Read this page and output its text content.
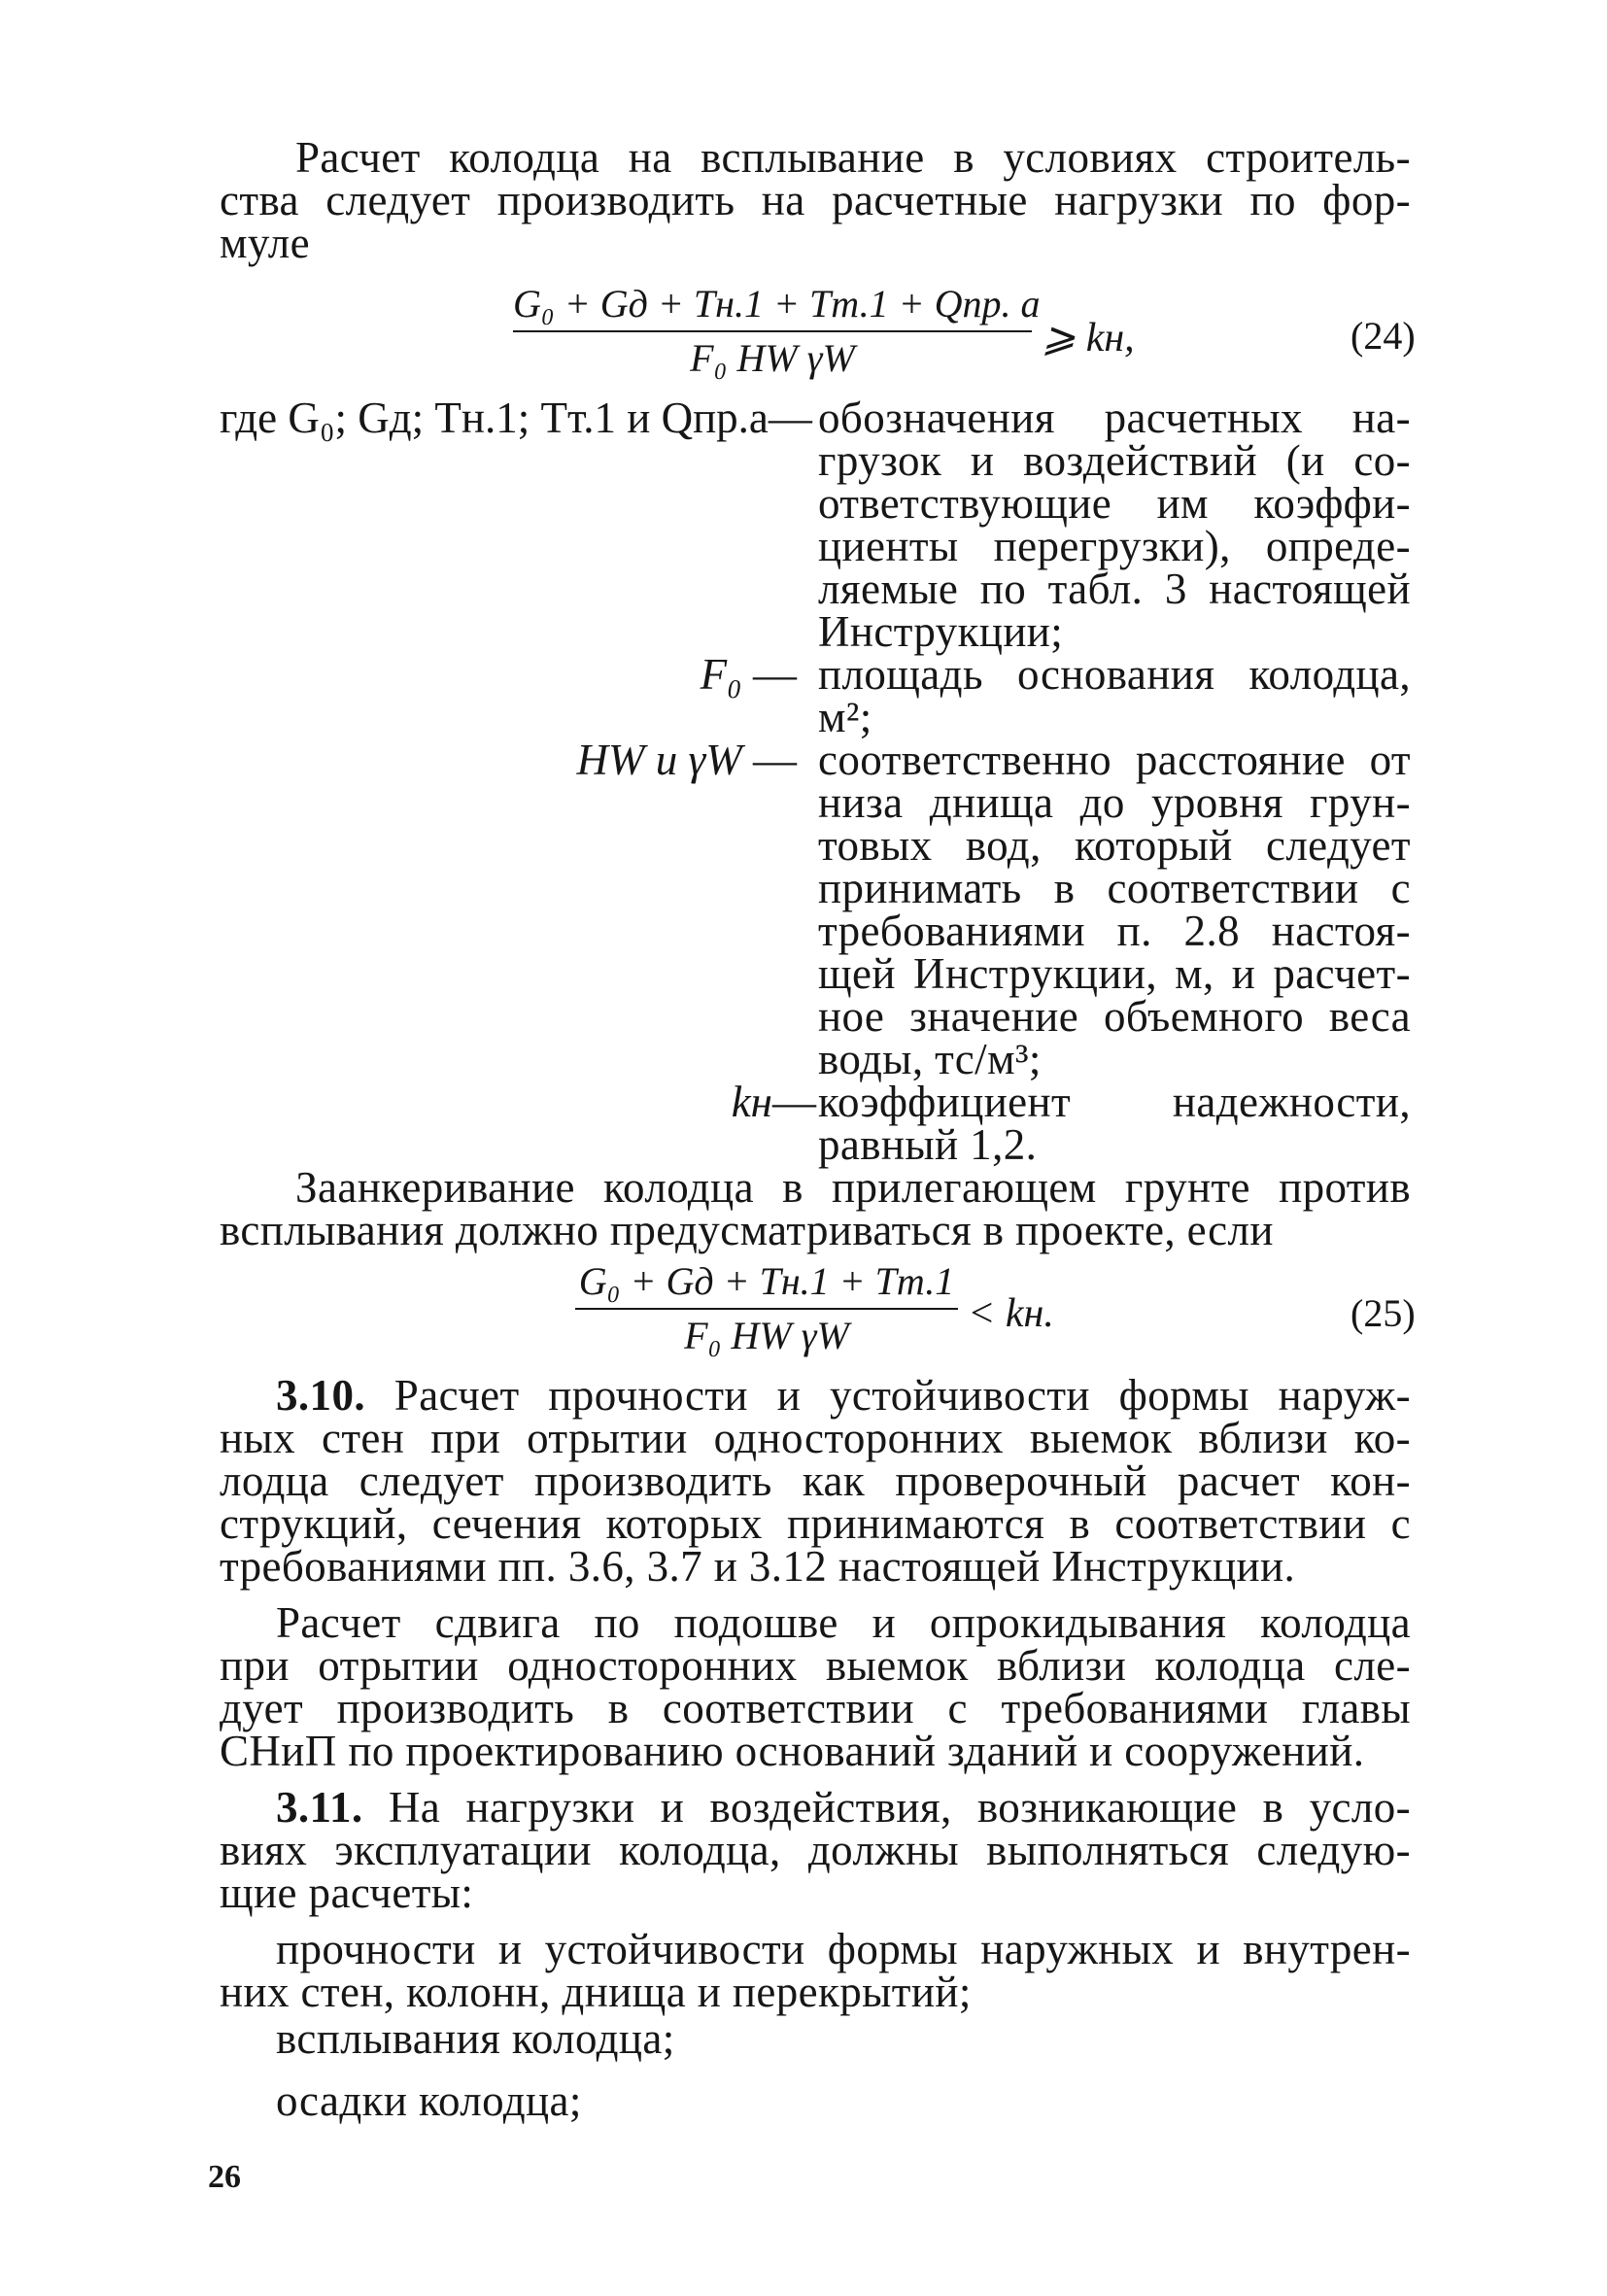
Расчет колодца на всплывание в условиях строитель-
ства следует производить на расчетные нагрузки по фор-
муле
G₀ + Gд + Tн.1 + Tт.1 + Qпр. а
F₀ HW γW	⩾ kн,	(24)
где G₀; Gд; Tн.1; Tт.1 и Qпр.а— обозначения расчетных на-
грузок и воздействий (и со-
ответствующие им коэффи-
циенты перегрузки), опреде-
ляемые по табл. 3 настоящей
Инструкции;
F₀ — площадь основания колодца,
м²;
HW и γW — соответственно расстояние от
низа днища до уровня грун-
товых вод, который следует
принимать в соответствии с
требованиями п. 2.8 настоя-
щей Инструкции, м, и расчет-
ное значение объемного веса
воды, тс/м³;
kн— коэффициент надежности,
равный 1,2.
Заанкеривание колодца в прилегающем грунте против
всплывания должно предусматриваться в проекте, если
G₀ + Gд + Tн.1 + Tт.1
F₀ HW γW	< kн.	(25)
3.10. Расчет прочности и устойчивости формы наруж-
ных стен при отрытии односторонних выемок вблизи ко-
лодца следует производить как проверочный расчет кон-
струкций, сечения которых принимаются в соответствии с
требованиями пп. 3.6, 3.7 и 3.12 настоящей Инструкции.
Расчет сдвига по подошве и опрокидывания колодца
при отрытии односторонних выемок вблизи колодца сле-
дует производить в соответствии с требованиями главы
СНиП по проектированию оснований зданий и сооружений.
3.11. На нагрузки и воздействия, возникающие в усло-
виях эксплуатации колодца, должны выполняться следую-
щие расчеты:
прочности и устойчивости формы наружных и внутрен-
них стен, колонн, днища и перекрытий;
всплывания колодца;
осадки колодца;
26
